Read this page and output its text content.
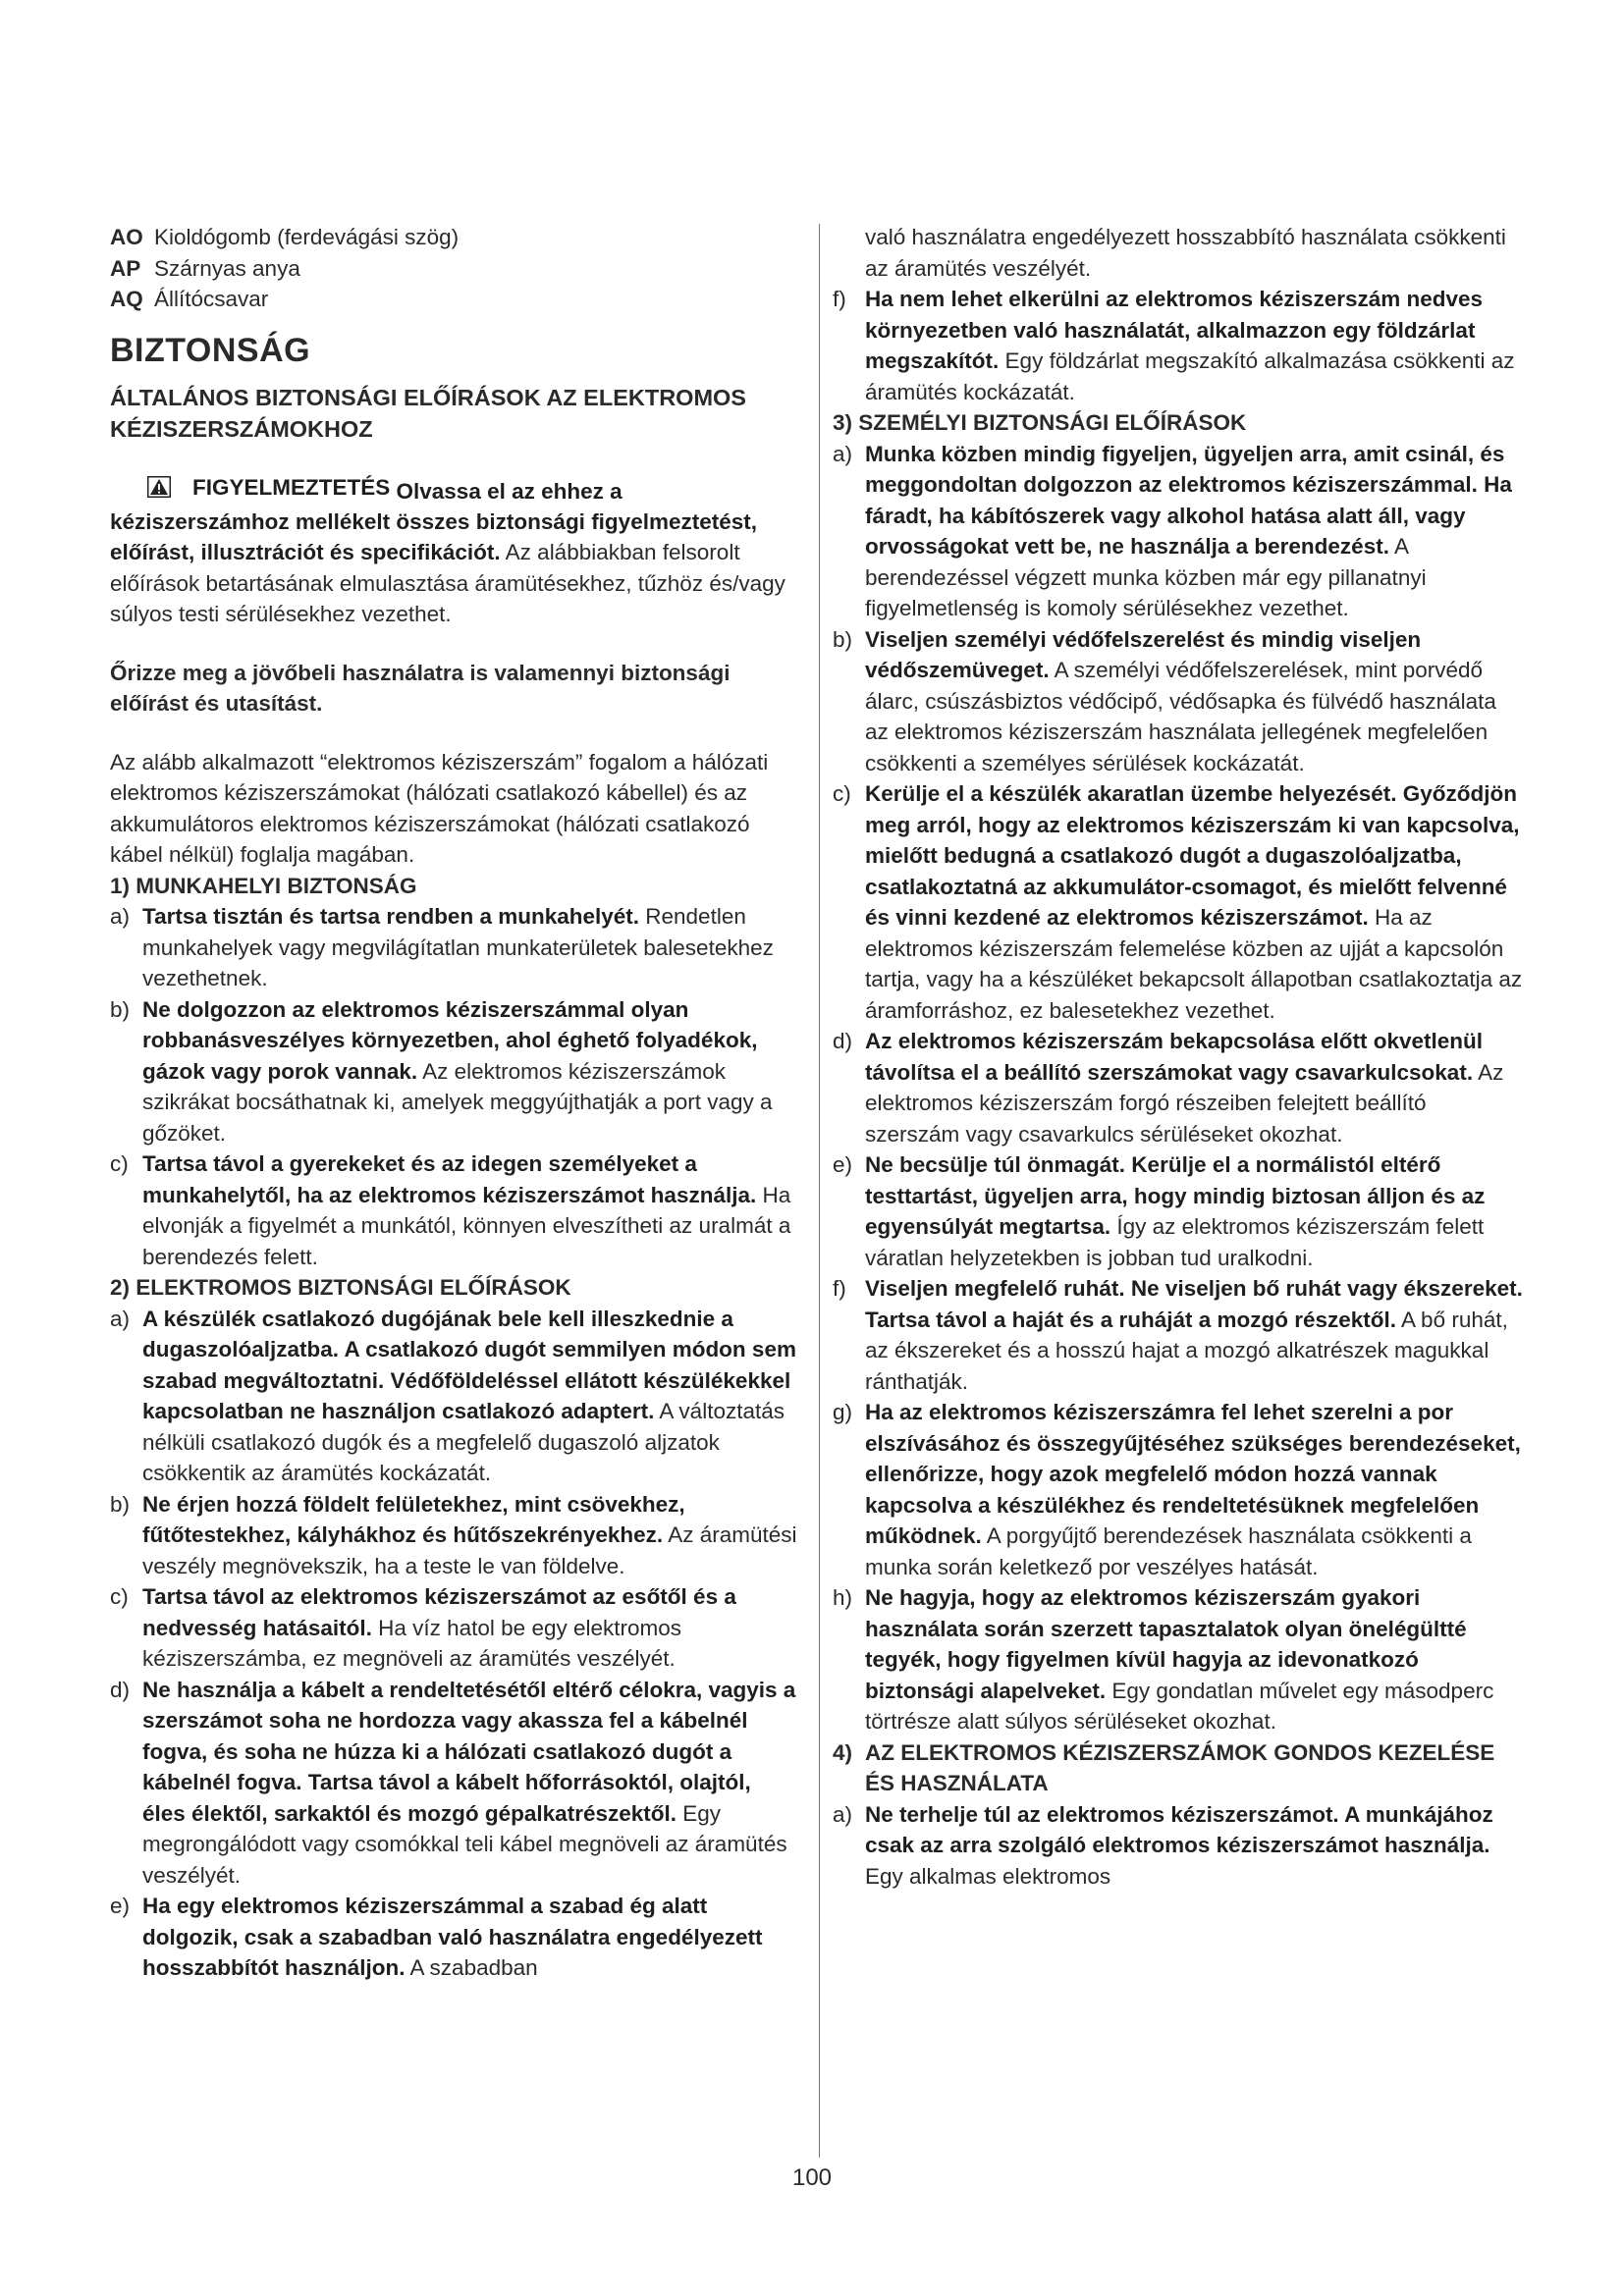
AO Kioldógomb (ferdevágási szög)
AP Szárnyas anya
AQ Állítócsavar
BIZTONSÁG
ÁLTALÁNOS BIZTONSÁGI ELŐÍRÁSOK AZ ELEKTROMOS KÉZISZERSZÁMOKHOZ
FIGYELMEZTETÉS Olvassa el az ehhez a kéziszerszámhoz mellékelt összes biztonsági figyelmeztetést, előírást, illusztrációt és specifikációt. Az alábbiakban felsorolt előírások betartásának elmulasztása áramütésekhez, tűzhöz és/vagy súlyos testi sérülésekhez vezethet.
Őrizze meg a jövőbeli használatra is valamennyi biztonsági előírást és utasítást.
Az alább alkalmazott “elektromos kéziszerszám” fogalom a hálózati elektromos kéziszerszámokat (hálózati csatlakozó kábellel) és az akkumulátoros elektromos kéziszerszámokat (hálózati csatlakozó kábel nélkül) foglalja magában.
1) MUNKAHELYI BIZTONSÁG
a) Tartsa tisztán és tartsa rendben a munkahelyét. Rendetlen munkahelyek vagy megvilágítatlan munkaterületek balesetekhez vezethetnek.
b) Ne dolgozzon az elektromos kéziszerszámmal olyan robbanásveszélyes környezetben, ahol éghető folyadékok, gázok vagy porok vannak. Az elektromos kéziszerszámok szikrákat bocsáthatnak ki, amelyek meggyújthatják a port vagy a gőzöket.
c) Tartsa távol a gyerekeket és az idegen személyeket a munkahelytől, ha az elektromos kéziszerszámot használja. Ha elvonják a figyelmét a munkától, könnyen elveszítheti az uralmát a berendezés felett.
2) ELEKTROMOS BIZTONSÁGI ELŐÍRÁSOK
a) A készülék csatlakozó dugójának bele kell illeszkednie a dugaszolóaljzatba. A csatlakozó dugót semmilyen módon sem szabad megváltoztatni. Védőföldeléssel ellátott készülékekkel kapcsolatban ne használjon csatlakozó adaptert. A változtatás nélküli csatlakozó dugók és a megfelelő dugaszoló aljzatok csökkentik az áramütés kockázatát.
b) Ne érjen hozzá földelt felületekhez, mint csövekhez, fűtőtestekhez, kályhákhoz és hűtőszekrényekhez. Az áramütési veszély megnövekszik, ha a teste le van földelve.
c) Tartsa távol az elektromos kéziszerszámot az esőtől és a nedvesség hatásaitól. Ha víz hatol be egy elektromos kéziszerszámba, ez megnöveli az áramütés veszélyét.
d) Ne használja a kábelt a rendeltetésétől eltérő célokra, vagyis a szerszámot soha ne hordozza vagy akassza fel a kábelnél fogva, és soha ne húzza ki a hálózati csatlakozó dugót a kábelnél fogva. Tartsa távol a kábelt hőforrásoktól, olajtól, éles élektől, sarkaktól és mozgó gépalkatrészektől. Egy megrongálódott vagy csomókkal teli kábel megnöveli az áramütés veszélyét.
e) Ha egy elektromos kéziszerszámmal a szabad ég alatt dolgozik, csak a szabadban való használatra engedélyezett hosszabbítót használjon. A szabadban
való használatra engedélyezett hosszabbító használata csökkenti az áramütés veszélyét.
f) Ha nem lehet elkerülni az elektromos kéziszerszám nedves környezetben való használatát, alkalmazzon egy földzárlat megszakítót. Egy földzárlat megszakító alkalmazása csökkenti az áramütés kockázatát.
3) SZEMÉLYI BIZTONSÁGI ELŐÍRÁSOK
a) Munka közben mindig figyeljen, ügyeljen arra, amit csinál, és meggondoltan dolgozzon az elektromos kéziszerszámmal. Ha fáradt, ha kábítószerek vagy alkohol hatása alatt áll, vagy orvosságokat vett be, ne használja a berendezést. A berendezéssel végzett munka közben már egy pillanatnyi figyelmetlenség is komoly sérülésekhez vezethet.
b) Viseljen személyi védőfelszerelést és mindig viseljen védőszemüveget. A személyi védőfelszerelések, mint porvédő álarc, csúszásbiztos védőcipő, védősapka és fülvédő használata az elektromos kéziszerszám használata jellegének megfelelően csökkenti a személyes sérülések kockázatát.
c) Kerülje el a készülék akaratlan üzembe helyezését. Győződjön meg arról, hogy az elektromos kéziszerszám ki van kapcsolva, mielőtt bedugná a csatlakozó dugót a dugaszolóaljzatba, csatlakoztatná az akkumulátor-csomagot, és mielőtt felvenné és vinni kezdené az elektromos kéziszerszámot. Ha az elektromos kéziszerszám felemelése közben az ujját a kapcsolón tartja, vagy ha a készüléket bekapcsolt állapotban csatlakoztatja az áramforráshoz, ez balesetekhez vezethet.
d) Az elektromos kéziszerszám bekapcsolása előtt okvetlenül távolítsa el a beállító szerszámokat vagy csavarkulcsokat. Az elektromos kéziszerszám forgó részeiben felejtett beállító szerszám vagy csavarkulcs sérüléseket okozhat.
e) Ne becsülje túl önmagát. Kerülje el a normálistól eltérő testtartást, ügyeljen arra, hogy mindig biztosan álljon és az egyensúlyát megtartsa. Így az elektromos kéziszerszám felett váratlan helyzetekben is jobban tud uralkodni.
f) Viseljen megfelelő ruhát. Ne viseljen bő ruhát vagy ékszereket. Tartsa távol a haját és a ruháját a mozgó részektől. A bő ruhát, az ékszereket és a hosszú hajat a mozgó alkatrészek magukkal ránthatják.
g) Ha az elektromos kéziszerszámra fel lehet szerelni a por elszívásához és összegyűjtéséhez szükséges berendezéseket, ellenőrizze, hogy azok megfelelő módon hozzá vannak kapcsolva a készülékhez és rendeltetésüknek megfelelően működnek. A porgyűjtő berendezések használata csökkenti a munka során keletkező por veszélyes hatását.
h) Ne hagyja, hogy az elektromos kéziszerszám gyakori használata során szerzett tapasztalatok olyan önelégültté tegyék, hogy figyelmen kívül hagyja az idevonatkozó biztonsági alapelveket. Egy gondatlan művelet egy másodperc törtrésze alatt súlyos sérüléseket okozhat.
4) AZ ELEKTROMOS KÉZISZERSZÁMOK GONDOS KEZELÉSE ÉS HASZNÁLATA
a) Ne terhelje túl az elektromos kéziszerszámot. A munkájához csak az arra szolgáló elektromos kéziszerszámot használja. Egy alkalmas elektromos
100
